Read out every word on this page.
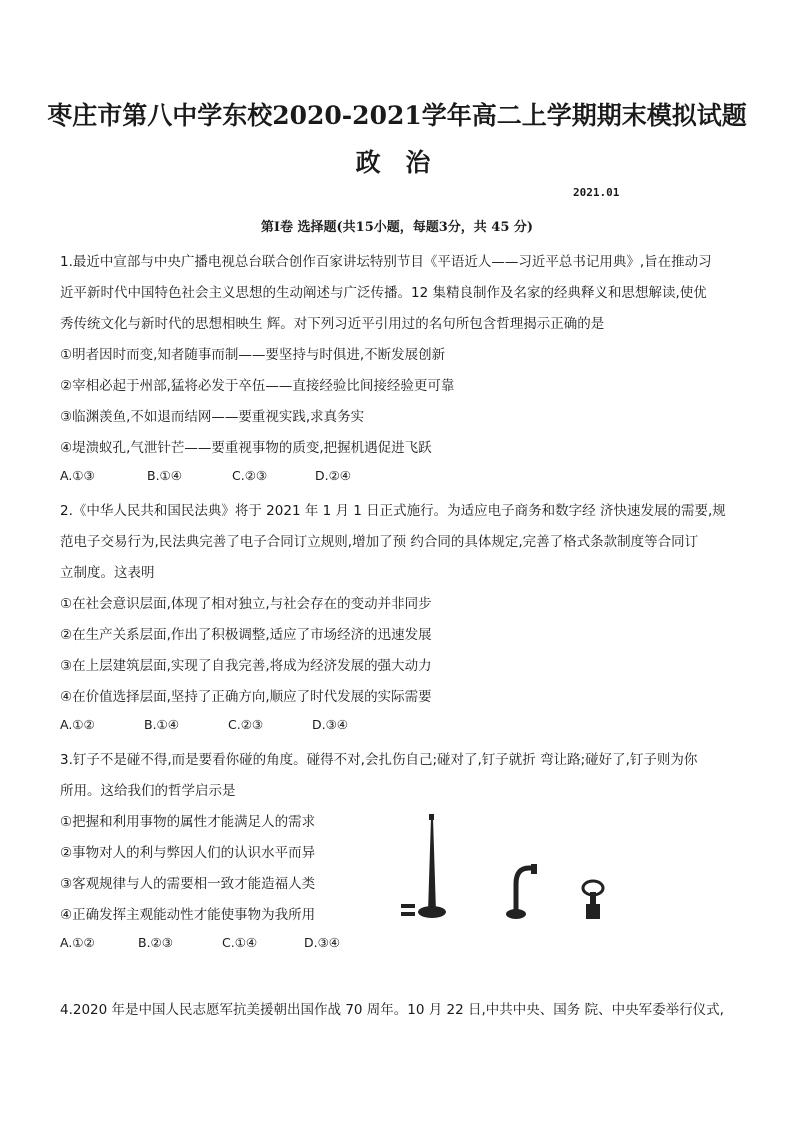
枣庄市第八中学东校2020-2021学年高二上学期期末模拟试题
政 治
2021.01
第Ⅰ卷 选择题(共15小题，每题3分，共 45 分)
1.最近中宣部与中央广播电视总台联合创作百家讲坛特别节目《平语近人——习近平总书记用典》,旨在推动习
近平新时代中国特色社会主义思想的生动阐述与广泛传播。12 集精良制作及名家的经典释义和思想解读,使优
秀传统文化与新时代的思想相映生 辉。对下列习近平引用过的名句所包含哲理揭示正确的是
①明者因时而变,知者随事而制——要坚持与时俱进,不断发展创新
②宰相必起于州部,猛将必发于卒伍——直接经验比间接经验更可靠
③临渊羡鱼,不如退而结网——要重视实践,求真务实
④堤溃蚁孔,气泄针芒——要重视事物的质变,把握机遇促进飞跃
A.①③	B.①④	C.②③	D.②④
2.《中华人民共和国民法典》将于 2021 年 1 月 1 日正式施行。为适应电子商务和数字经 济快速发展的需要,规
范电子交易行为,民法典完善了电子合同订立规则,增加了预 约合同的具体规定,完善了格式条款制度等合同订
立制度。这表明
①在社会意识层面,体现了相对独立,与社会存在的变动并非同步
②在生产关系层面,作出了积极调整,适应了市场经济的迅速发展
③在上层建筑层面,实现了自我完善,将成为经济发展的强大动力
④在价值选择层面,坚持了正确方向,顺应了时代发展的实际需要
A.①②	B.①④	C.②③	D.③④
3.钉子不是碰不得,而是要看你碰的角度。碰得不对,会扎伤自己;碰对了,钉子就折 弯让路;碰好了,钉子则为你
所用。这给我们的哲学启示是
①把握和利用事物的属性才能满足人的需求
②事物对人的利与弊因人们的认识水平而异
③客观规律与人的需要相一致才能造福人类
④正确发挥主观能动性才能使事物为我所用
A.①②	B.②③	C.①④	D.③④
4.2020 年是中国人民志愿军抗美援朝出国作战 70 周年。10 月 22 日,中共中央、国务 院、中央军委举行仪式,
